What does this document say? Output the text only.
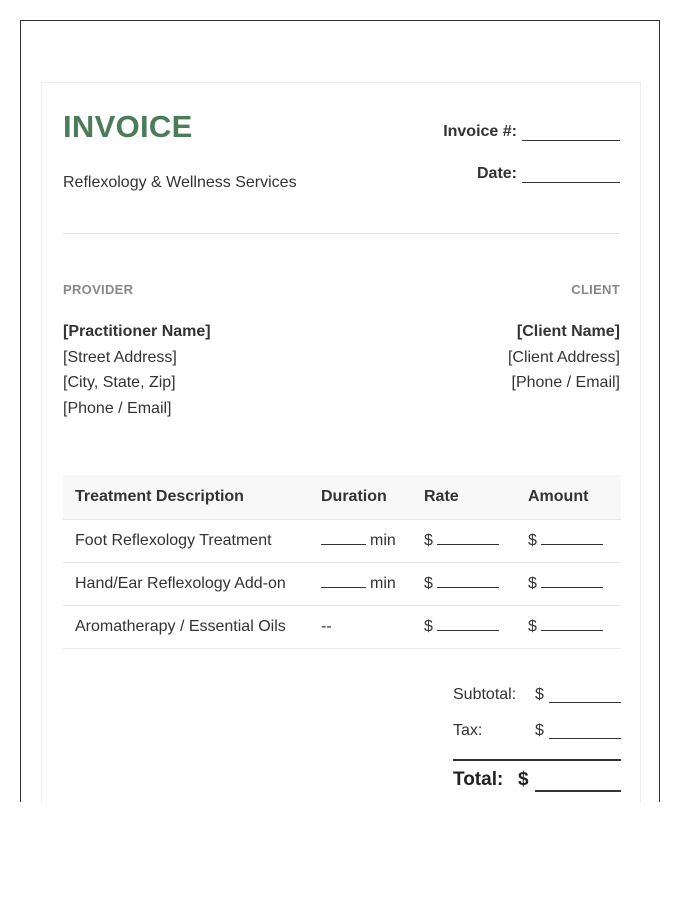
INVOICE
Reflexology & Wellness Services
Invoice #:
Date:
PROVIDER	CLIENT
[Practitioner Name]
[Street Address]
[City, State, Zip]
[Phone / Email]
[Client Name]
[Client Address]
[Phone / Email]
Treatment Description	Duration	Rate	Amount
Foot Reflexology Treatment	min	$	$
Hand/Ear Reflexology Add-on	min	$	$
Aromatherapy / Essential Oils	--	$	$
Subtotal: $
Tax:	$
Total: $
